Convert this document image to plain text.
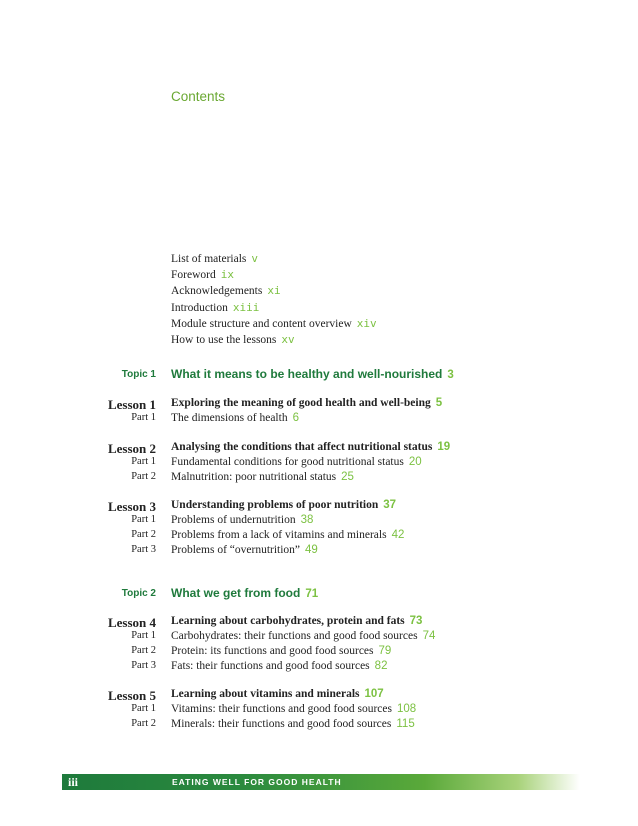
Contents
List of materials v
Foreword ix
Acknowledgements xi
Introduction xiii
Module structure and content overview xiv
How to use the lessons xv
Topic 1 What it means to be healthy and well-nourished 3
Lesson 1 Exploring the meaning of good health and well-being 5
Part 1 The dimensions of health 6
Lesson 2 Analysing the conditions that affect nutritional status 19
Part 1 Fundamental conditions for good nutritional status 20
Part 2 Malnutrition: poor nutritional status 25
Lesson 3 Understanding problems of poor nutrition 37
Part 1 Problems of undernutrition 38
Part 2 Problems from a lack of vitamins and minerals 42
Part 3 Problems of “overnutrition” 49
Topic 2 What we get from food 71
Lesson 4 Learning about carbohydrates, protein and fats 73
Part 1 Carbohydrates: their functions and good food sources 74
Part 2 Protein: its functions and good food sources 79
Part 3 Fats: their functions and good food sources 82
Lesson 5 Learning about vitamins and minerals 107
Part 1 Vitamins: their functions and good food sources 108
Part 2 Minerals: their functions and good food sources 115
iii	EATING WELL FOR GOOD HEALTH
